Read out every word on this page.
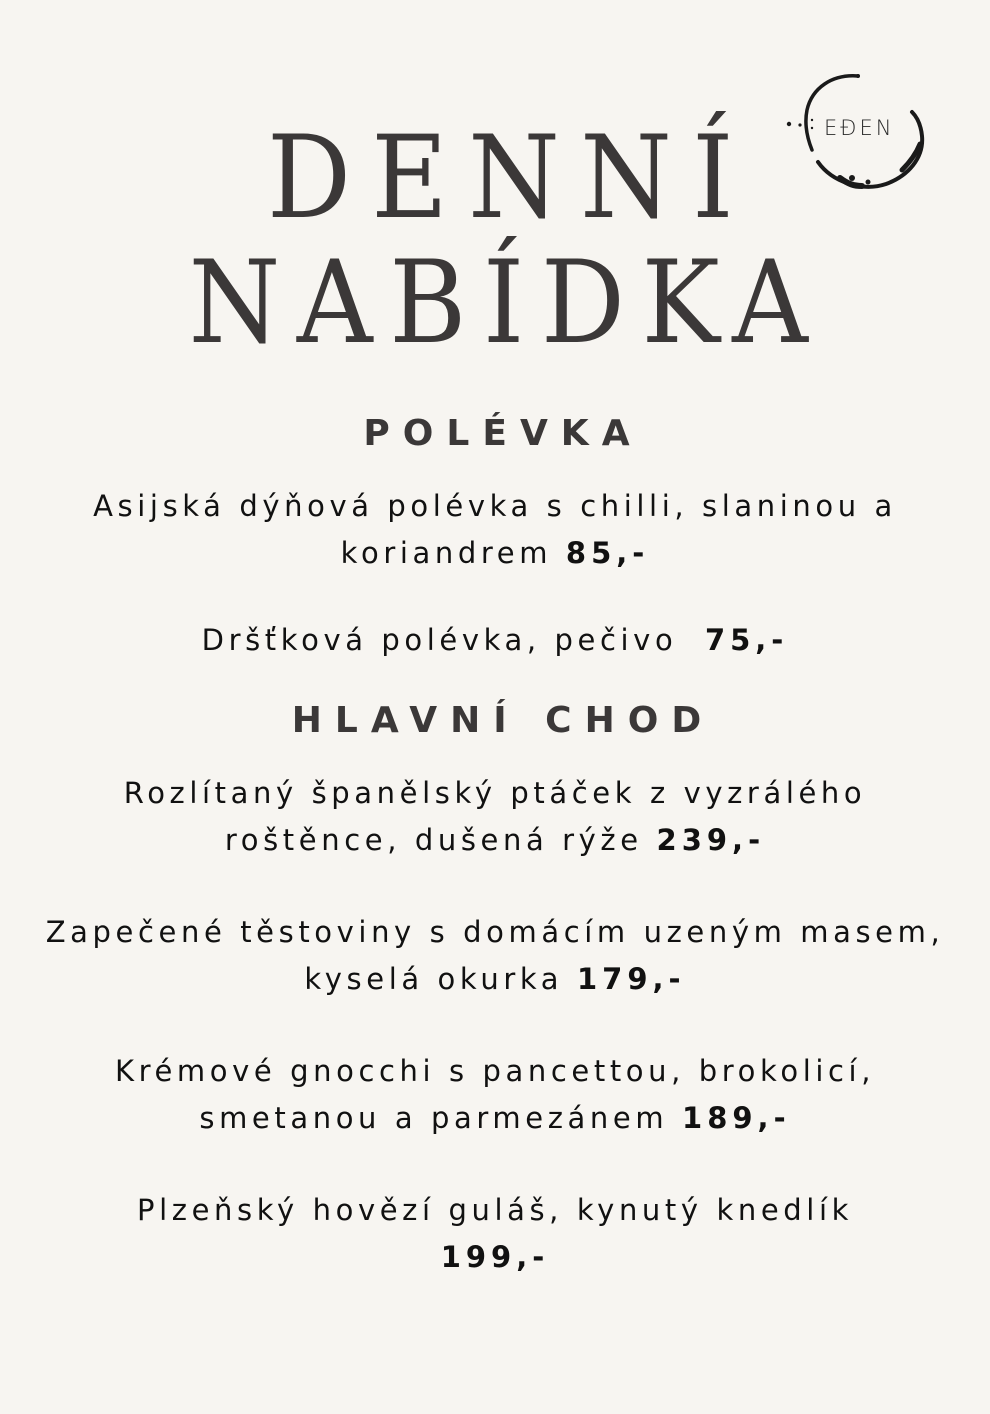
EĐEN
DENNÍ
NABÍDKA
POLÉVKA
Asijská dýňová polévka s chilli, slaninou a koriandrem 85,-
Dršťková polévka, pečivo 75,-
HLAVNÍ CHOD
Rozlítaný španělský ptáček z vyzrálého roštěnce, dušená rýže 239,-
Zapečené těstoviny s domácím uzeným masem, kyselá okurka 179,-
Krémové gnocchi s pancettou, brokolicí, smetanou a parmezánem 189,-
Plzeňský hovězí guláš, kynutý knedlík
199,-
